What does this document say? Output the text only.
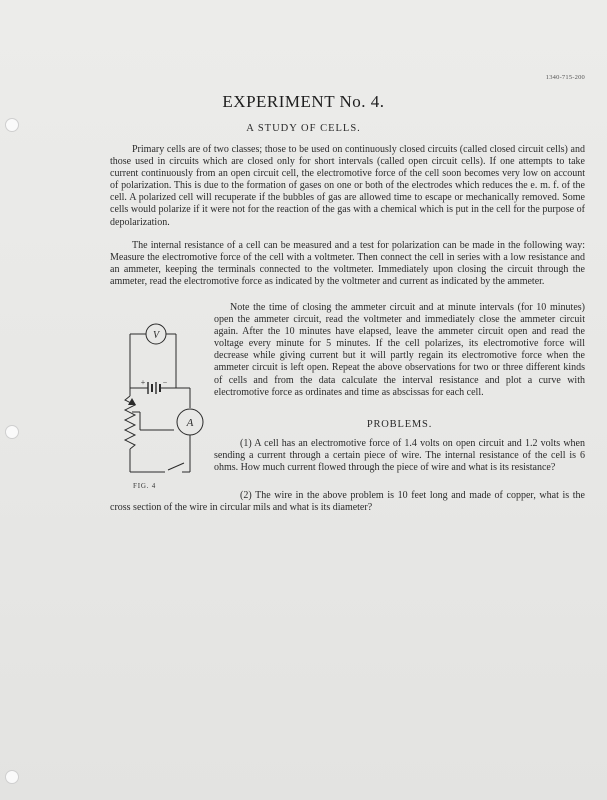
1340-715-200
EXPERIMENT No. 4.
A STUDY OF CELLS.

Primary cells are of two classes; those to be used on continuously closed circuits (called closed circuit cells) and those used in circuits which are closed only for short intervals (called open circuit cells). If one attempts to take current continuously from an open circuit cell, the electromotive force of the cell soon becomes very low on account of polarization. This is due to the formation of gases on one or both of the electrodes which reduces the e. m. f. of the cell. A polarized cell will recuperate if the bubbles of gas are allowed time to escape or mechanically removed. Some cells would polarize if it were not for the reaction of the gas with a chemical which is put in the cell for the purpose of depolarization.

The internal resistance of a cell can be measured and a test for polarization can be made in the following way: Measure the electromotive force of the cell with a voltmeter. Then connect the cell in series with a low resistance and an ammeter, keeping the terminals connected to the voltmeter. Immediately upon closing the circuit through the ammeter, read the electromotive force as indicated by the voltmeter and current as indicated by the ammeter.

Note the time of closing the ammeter circuit and at minute intervals (for 10 minutes) open the ammeter circuit, read the voltmeter and immediately close the ammeter circuit again. After the 10 minutes have elapsed, leave the ammeter circuit open and read the voltage every minute for 5 minutes. If the cell polarizes, its electromotive force will decrease while giving current but it will partly regain its electromotive force when the ammeter circuit is left open. Repeat the above observations for two or three different kinds of cells and from the data calculate the interval resistance and plot a curve with electromotive force as ordinates and time as abscissas for each cell.

V
A
+ −
FIG. 4
PROBLEMS.

(1) A cell has an electromotive force of 1.4 volts on open circuit and 1.2 volts when sending a current through a certain piece of wire. The internal resistance of the cell is 6 ohms. How much current flowed through the piece of wire and what is its resistance?

(2) The wire in the above problem is 10 feet long and made of copper, what is the cross section of the wire in circular mils and what is its diameter?
